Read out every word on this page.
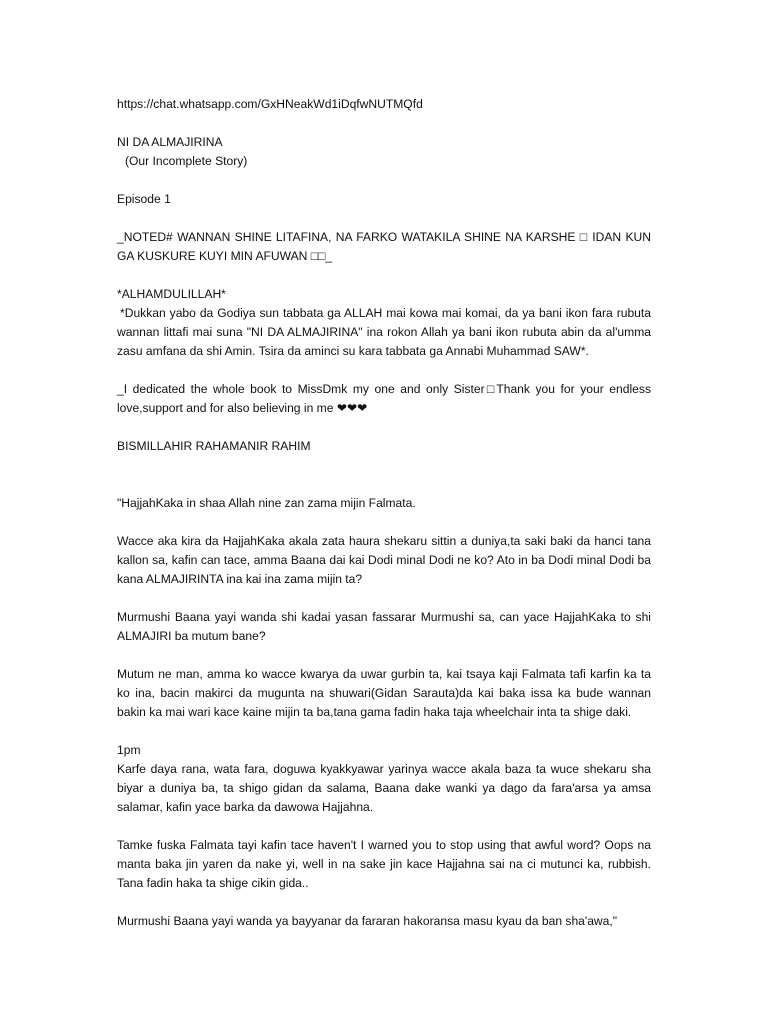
https://chat.whatsapp.com/GxHNeakWd1iDqfwNUTMQfd

NI DA ALMAJIRINA

(Our Incomplete Story)

Episode 1

_NOTED# WANNAN SHINE LITAFINA, NA FARKO WATAKILA SHINE NA KARSHE □ IDAN KUN GA KUSKURE KUYI MIN AFUWAN □□_

*ALHAMDULILLAH*

*Dukkan yabo da Godiya sun tabbata ga ALLAH mai kowa mai komai, da ya bani ikon fara rubuta wannan littafi mai suna "NI DA ALMAJIRINA" ina rokon Allah ya bani ikon rubuta abin da al'umma zasu amfana da shi Amin. Tsira da aminci su kara tabbata ga Annabi Muhammad SAW*.

_I dedicated the whole book to MissDmk my one and only Sister□Thank you for your endless love,support and for also believing in me ❤❤❤

BISMILLAHIR RAHAMANIR RAHIM

"HajjahKaka in shaa Allah nine zan zama mijin Falmata.

Wacce aka kira da HajjahKaka akala zata haura shekaru sittin a duniya,ta saki baki da hanci tana kallon sa, kafin can tace, amma Baana dai kai Dodi minal Dodi ne ko? Ato in ba Dodi minal Dodi ba kana ALMAJIRINTA ina kai ina zama mijin ta?

Murmushi Baana yayi wanda shi kadai yasan fassarar Murmushi sa, can yace HajjahKaka to shi ALMAJIRI ba mutum bane?

Mutum ne man, amma ko wacce kwarya da uwar gurbin ta, kai tsaya kaji Falmata tafi karfin ka ta ko ina, bacin makirci da mugunta na shuwari(Gidan Sarauta)da kai baka issa ka bude wannan bakin ka mai wari kace kaine mijin ta ba,tana gama fadin haka taja wheelchair inta ta shige daki.

1pm

Karfe daya rana, wata fara, doguwa kyakkyawar yarinya wacce akala baza ta wuce shekaru sha biyar a duniya ba, ta shigo gidan da salama, Baana dake wanki ya dago da fara'arsa ya amsa salamar, kafin yace barka da dawowa Hajjahna.

Tamke fuska Falmata tayi kafin tace haven't I warned you to stop using that awful word? Oops na manta baka jin yaren da nake yi, well in na sake jin kace Hajjahna sai na ci mutunci ka, rubbish. Tana fadin haka ta shige cikin gida..

Murmushi Baana yayi wanda ya bayyanar da fararan hakoransa masu kyau da ban sha'awa,"
